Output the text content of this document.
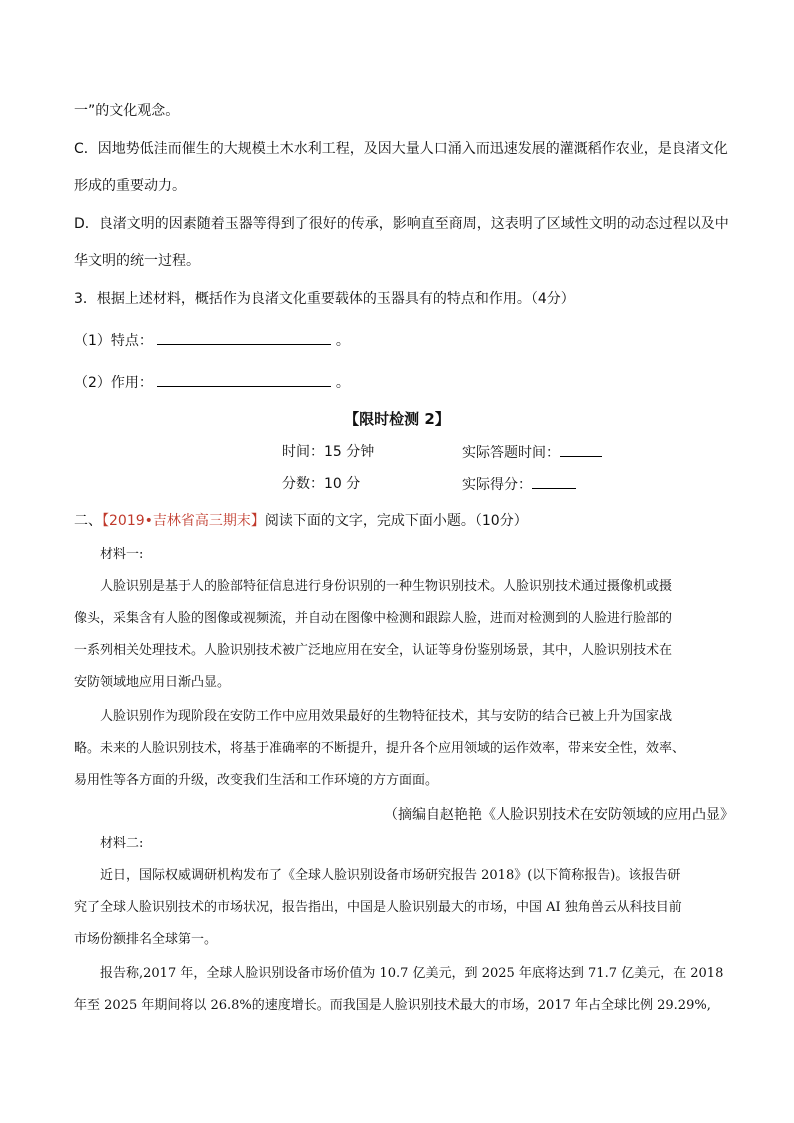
一”的文化观念。
C．因地势低洼而催生的大规模土木水利工程，及因大量人口涌入而迅速发展的灌溉稻作农业，是良渚文化
形成的重要动力。
D．良渚文明的因素随着玉器等得到了很好的传承，影响直至商周，这表明了区域性文明的动态过程以及中
华文明的统一过程。
3．根据上述材料，概括作为良渚文化重要载体的玉器具有的特点和作用。（4分）
（1）特点：	。
（2）作用：	。
【限时检测 2】
时间：15 分钟	实际答题时间：
分数：10 分	实际得分：
二、【2019•吉林省高三期末】阅读下面的文字，完成下面小题。（10分）
材料一:
人脸识别是基于人的脸部特征信息进行身份识别的一种生物识别技术。人脸识别技术通过摄像机或摄
像头，采集含有人脸的图像或视频流，并自动在图像中检测和跟踪人脸，进而对检测到的人脸进行脸部的
一系列相关处理技术。人脸识别技术被广泛地应用在安全，认证等身份鉴别场景，其中，人脸识别技术在
安防领域地应用日渐凸显。
人脸识别作为现阶段在安防工作中应用效果最好的生物特征技术，其与安防的结合已被上升为国家战
略。未来的人脸识别技术，将基于准确率的不断提升，提升各个应用领域的运作效率，带来安全性，效率、
易用性等各方面的升级，改变我们生活和工作环境的方方面面。
（摘编自赵艳艳《人脸识别技术在安防领域的应用凸显》
材料二:
近日，国际权威调研机构发布了《全球人脸识别设备市场研究报告 2018》(以下简称报告)。该报告研
究了全球人脸识别技术的市场状况，报告指出，中国是人脸识别最大的市场，中国 AI 独角兽云从科技目前
市场份额排名全球第一。
报告称,2017 年，全球人脸识别设备市场价值为 10.7 亿美元，到 2025 年底将达到 71.7 亿美元，在 2018
年至 2025 年期间将以 26.8%的速度增长。而我国是人脸识别技术最大的市场，2017 年占全球比例 29.29%,
